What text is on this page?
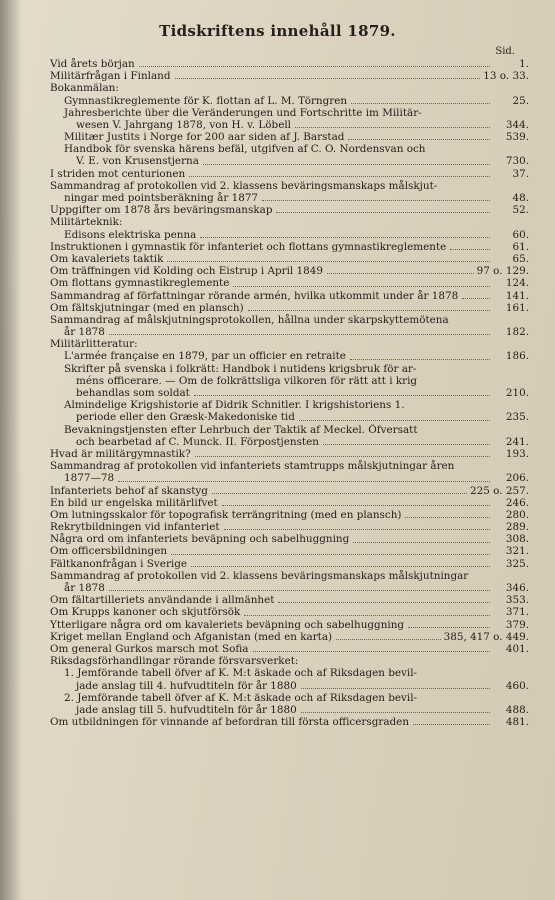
Tidskriftens innehåll 1879.
Sid.
Vid årets början	1.
Militärfrågan i Finland	13 o. 33.
Bokanmälan:
Gymnastikreglemente för K. flottan af L. M. Törngren	25.
Jahresberichte über die Veränderungen und Fortschritte im Militär-
wesen V. Jahrgang 1878, von H. v. Löbell	344.
Militær Justits i Norge for 200 aar siden af J. Barstad	539.
Handbok för svenska härens befäl, utgifven af C. O. Nordensvan och
V. E. von Krusenstjerna	730.
I striden mot centurionen	37.
Sammandrag af protokollen vid 2. klassens beväringsmanskaps målskjut-
ningar med pointsberäkning år 1877	48.
Uppgifter om 1878 års beväringsmanskap	52.
Militärteknik:
Edisons elektriska penna	60.
Instruktionen i gymnastik för infanteriet och flottans gymnastikreglemente	61.
Om kavaleriets taktik	65.
Om träffningen vid Kolding och Eistrup i April 1849	97 o. 129.
Om flottans gymnastikreglemente	124.
Sammandrag af författningar rörande armén, hvilka utkommit under år 1878	141.
Om fältskjutningar (med en plansch)	161.
Sammandrag af målskjutningsprotokollen, hållna under skarpskyttemötena
år 1878	182.
Militärlitteratur:
L'armée française en 1879, par un officier en retraite	186.
Skrifter på svenska i folkrätt: Handbok i nutidens krigsbruk för ar-
méns officerare. — Om de folkrättsliga vilkoren för rätt att i krig
behandlas som soldat	210.
Almindelige Krigshistorie af Didrik Schnitler. I krigshistoriens 1.
periode eller den Græsk-Makedoniske tid	235.
Bevakningstjensten efter Lehrbuch der Taktik af Meckel. Öfversatt
och bearbetad af C. Munck. II. Förpostjensten	241.
Hvad är militärgymnastik?	193.
Sammandrag af protokollen vid infanteriets stamtrupps målskjutningar åren
1877—78	206.
Infanteriets behof af skanstyg	225 o. 257.
En bild ur engelska militärlifvet	246.
Om lutningsskalor för topografisk terrängritning (med en plansch)	280.
Rekrytbildningen vid infanteriet	289.
Några ord om infanteriets beväpning och sabelhuggning	308.
Om officersbildningen	321.
Fältkanonfrågan i Sverige	325.
Sammandrag af protokollen vid 2. klassens beväringsmanskaps målskjutningar
år 1878	346.
Om fältartilleriets användande i allmänhet	353.
Om Krupps kanoner och skjutförsök	371.
Ytterligare några ord om kavaleriets beväpning och sabelhuggning	379.
Kriget mellan England och Afganistan (med en karta)	385, 417 o. 449.
Om general Gurkos marsch mot Sofia	401.
Riksdagsförhandlingar rörande försvarsverket:
1. Jemförande tabell öfver af K. M:t äskade och af Riksdagen bevil-
jade anslag till 4. hufvudtiteln för år 1880	460.
2. Jemförande tabell öfver af K. M:t äskade och af Riksdagen bevil-
jade anslag till 5. hufvudtiteln för år 1880	488.
Om utbildningen för vinnande af befordran till första officersgraden	481.
